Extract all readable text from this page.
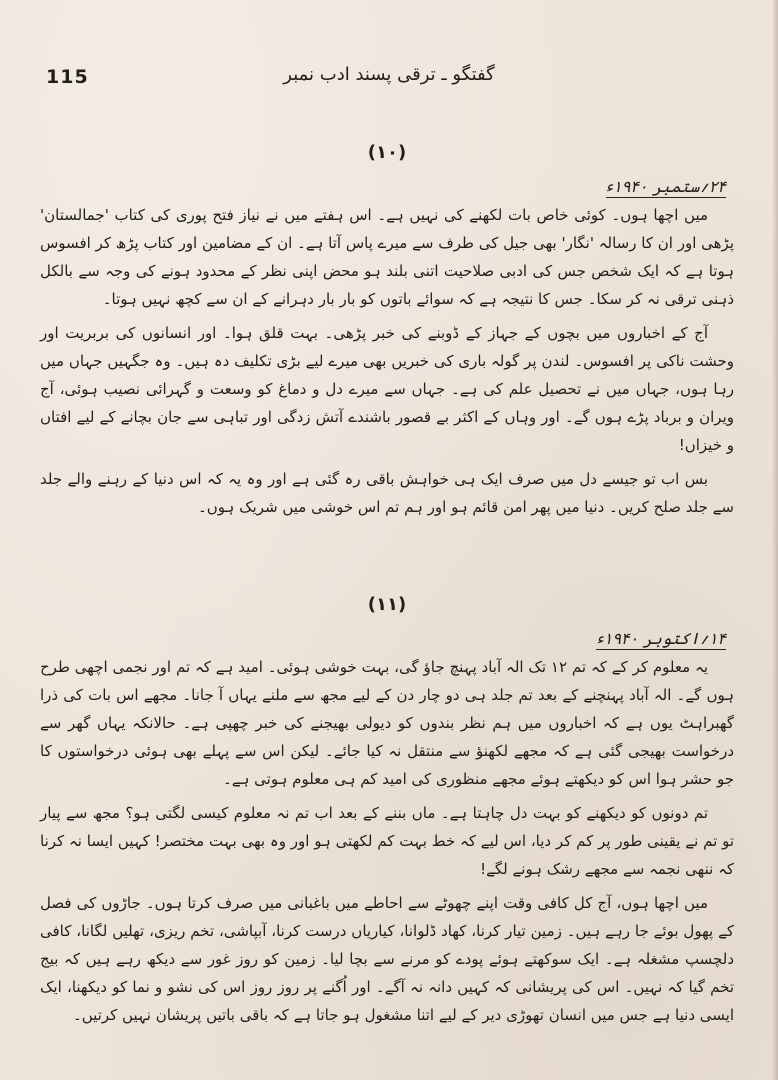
115	گفتگو ـ ترقی پسند ادب نمبر
(۱۰)
۲۴؍ستمبر ۱۹۴۰ء

میں اچھا ہوں۔ کوئی خاص بات لکھنے کی نہیں ہے۔ اس ہفتے میں نے نیاز فتح پوری کی کتاب 'جمالستان' پڑھی اور ان کا رسالہ 'نگار' بھی جیل کی طرف سے میرے پاس آتا ہے۔ ان کے مضامین اور کتاب پڑھ کر افسوس ہوتا ہے کہ ایک شخص جس کی ادبی صلاحیت اتنی بلند ہو محض اپنی نظر کے محدود ہونے کی وجہ سے بالکل ذہنی ترقی نہ کر سکا۔ جس کا نتیجہ ہے کہ سوائے باتوں کو بار بار دہرانے کے ان سے کچھ نہیں ہوتا۔

آج کے اخباروں میں بچوں کے جہاز کے ڈوبنے کی خبر پڑھی۔ بہت قلق ہوا۔ اور انسانوں کی بربریت اور وحشت ناکی پر افسوس۔ لندن پر گولہ باری کی خبریں بھی میرے لیے بڑی تکلیف دہ ہیں۔ وہ جگہیں جہاں میں رہا ہوں، جہاں میں نے تحصیل علم کی ہے۔ جہاں سے میرے دل و دماغ کو وسعت و گہرائی نصیب ہوئی، آج ویران و برباد پڑے ہوں گے۔ اور وہاں کے اکثر بے قصور باشندے آتش زدگی اور تباہی سے جان بچانے کے لیے افتاں و خیزاں!

بس اب تو جیسے دل میں صرف ایک ہی خواہش باقی رہ گئی ہے اور وہ یہ کہ اس دنیا کے رہنے والے جلد سے جلد صلح کریں۔ دنیا میں پھر امن قائم ہو اور ہم تم اس خوشی میں شریک ہوں۔

(۱۱)
۱۴؍اکتوبر ۱۹۴۰ء

یہ معلوم کر کے کہ تم ۱۲ تک الہ آباد پہنچ جاؤ گی، بہت خوشی ہوئی۔ امید ہے کہ تم اور نجمی اچھی طرح ہوں گے۔ الہ آباد پہنچنے کے بعد تم جلد ہی دو چار دن کے لیے مجھ سے ملنے یہاں آ جانا۔ مجھے اس بات کی ذرا گھبراہٹ یوں ہے کہ اخباروں میں ہم نظر بندوں کو دیولی بھیجنے کی خبر چھپی ہے۔ حالانکہ یہاں گھر سے درخواست بھیجی گئی ہے کہ مجھے لکھنؤ سے منتقل نہ کیا جائے۔ لیکن اس سے پہلے بھی ہوئی درخواستوں کا جو حشر ہوا اس کو دیکھتے ہوئے مجھے منظوری کی امید کم ہی معلوم ہوتی ہے۔

تم دونوں کو دیکھنے کو بہت دل چاہتا ہے۔ ماں بننے کے بعد اب تم نہ معلوم کیسی لگتی ہو؟ مجھ سے پیار تو تم نے یقینی طور پر کم کر دیا، اس لیے کہ خط بہت کم لکھتی ہو اور وہ بھی بہت مختصر! کہیں ایسا نہ کرنا کہ ننھی نجمہ سے مجھے رشک ہونے لگے!

میں اچھا ہوں، آج کل کافی وقت اپنے چھوٹے سے احاطے میں باغبانی میں صرف کرتا ہوں۔ جاڑوں کی فصل کے پھول بوئے جا رہے ہیں۔ زمین تیار کرنا، کھاد ڈلوانا، کیاریاں درست کرنا، آبپاشی، تخم ریزی، تھلیں لگانا، کافی دلچسپ مشغلہ ہے۔ ایک سوکھتے ہوئے پودے کو مرنے سے بچا لیا۔ زمین کو روز غور سے دیکھ رہے ہیں کہ بیج تخم گیا کہ نہیں۔ اس کی پریشانی کہ کہیں دانہ نہ آگے۔ اور اُگنے پر روز روز اس کی نشو و نما کو دیکھنا، ایک ایسی دنیا ہے جس میں انسان تھوڑی دیر کے لیے اتنا مشغول ہو جاتا ہے کہ باقی باتیں پریشان نہیں کرتیں۔
